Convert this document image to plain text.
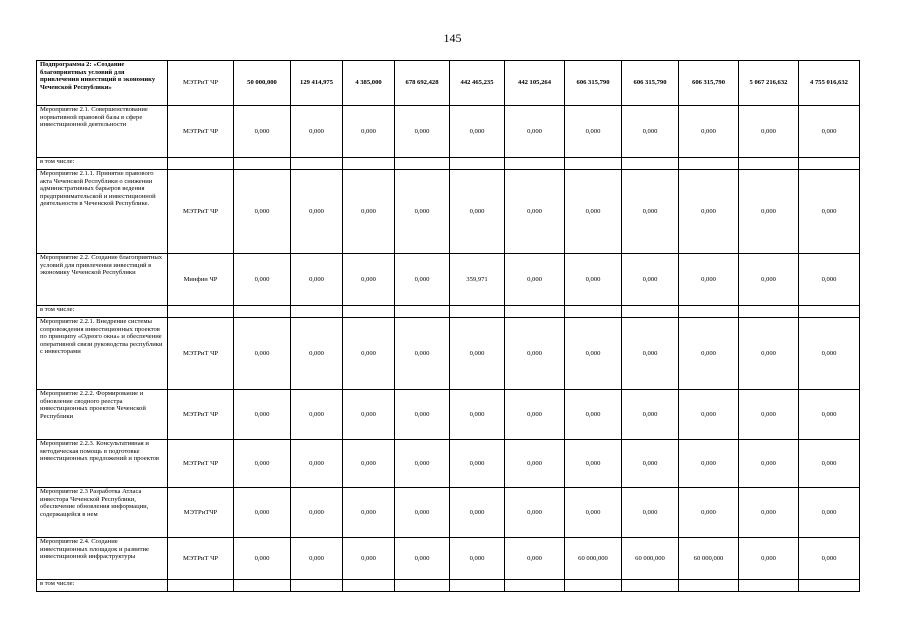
145
Подпрограмма 2: «Создание благоприятных условий для привлечения инвестиций в экономику Чеченской Республики»	МЭТРиТ ЧР	50 000,000	129 414,975	4 385,000	678 692,428	442 465,235	442 105,264	606 315,790	606 315,790	606 315,790	5 067 216,632	4 755 016,632
Мероприятие 2.1. Совершенствование нормативной правовой базы в сфере инвестиционной деятельности	МЭТРиТ ЧР	0,000	0,000	0,000	0,000	0,000	0,000	0,000	0,000	0,000	0,000	0,000
в том числе:												
Мероприятие 2.1.1. Принятие правового акта Чеченской Республики о снижении административных барьеров ведения предпринимательской и инвестиционной деятельности в Чеченской Республике.	МЭТРиТ ЧР	0,000	0,000	0,000	0,000	0,000	0,000	0,000	0,000	0,000	0,000	0,000
Мероприятие 2.2. Создание благоприятных условий для привлечения инвестиций в экономику Чеченской Республики	Минфин ЧР	0,000	0,000	0,000	0,000	359,971	0,000	0,000	0,000	0,000	0,000	0,000
в том числе:												
Мероприятие 2.2.1. Внедрение системы сопровождения инвестиционных проектов по принципу «Одного окна» и обеспечение оперативной связи руководства республики с инвесторами	МЭТРиТ ЧР	0,000	0,000	0,000	0,000	0,000	0,000	0,000	0,000	0,000	0,000	0,000
Мероприятие 2.2.2. Формирование и обновление сводного реестра инвестиционных проектов Чеченской Республики	МЭТРиТ ЧР	0,000	0,000	0,000	0,000	0,000	0,000	0,000	0,000	0,000	0,000	0,000
Мероприятие 2.2.3. Консультативная и методическая помощь в подготовке инвестиционных предложений и проектов	МЭТРиТ ЧР	0,000	0,000	0,000	0,000	0,000	0,000	0,000	0,000	0,000	0,000	0,000
Мероприятие 2.3 Разработка Атласа инвестора Чеченской Республики, обеспечение обновления информации, содержащейся в нем	МЭТРиТЧР	0,000	0,000	0,000	0,000	0,000	0,000	0,000	0,000	0,000	0,000	0,000
Мероприятие 2.4. Создание инвестиционных площадок и развитие инвестиционной инфраструктуры	МЭТРиТ ЧР	0,000	0,000	0,000	0,000	0,000	0,000	60 000,000	60 000,000	60 000,000	0,000	0,000
в том числе:												
